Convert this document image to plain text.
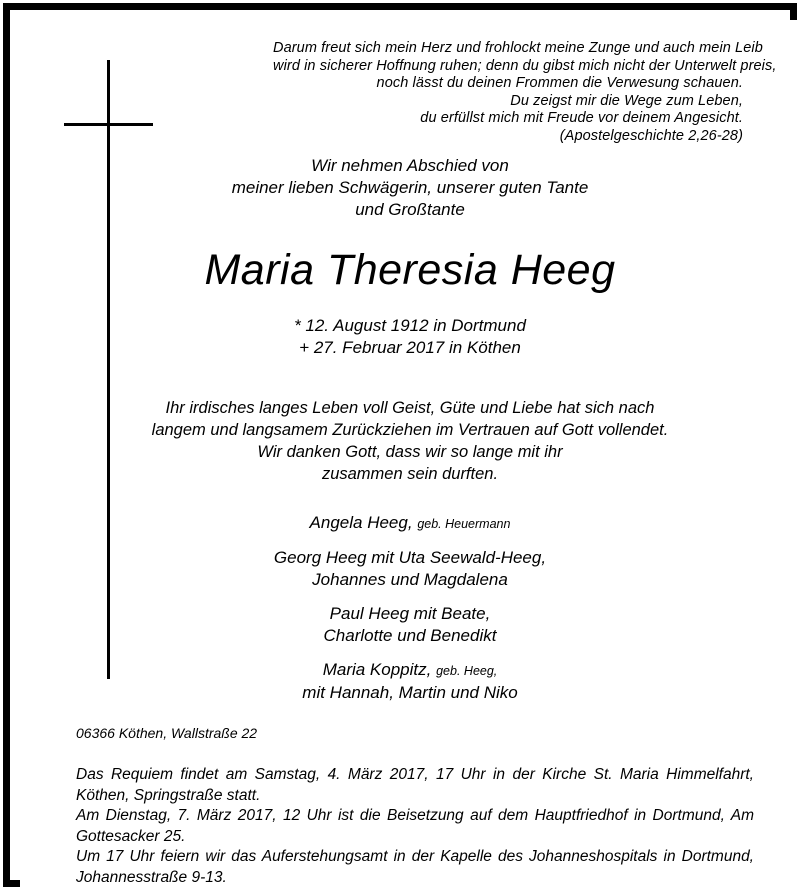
Darum freut sich mein Herz und frohlockt meine Zunge und auch mein Leib
wird in sicherer Hoffnung ruhen; denn du gibst mich nicht der Unterwelt preis,
noch lässt du deinen Frommen die Verwesung schauen.
Du zeigst mir die Wege zum Leben,
du erfüllst mich mit Freude vor deinem Angesicht.
(Apostelgeschichte 2,26-28)
Wir nehmen Abschied von
meiner lieben Schwägerin, unserer guten Tante
und Großtante
Maria Theresia Heeg
* 12. August 1912 in Dortmund
+ 27. Februar 2017 in Köthen
Ihr irdisches langes Leben voll Geist, Güte und Liebe hat sich nach
langem und langsamem Zurückziehen im Vertrauen auf Gott vollendet.
Wir danken Gott, dass wir so lange mit ihr
zusammen sein durften.
Angela Heeg, geb. Heuermann
Georg Heeg mit Uta Seewald-Heeg,
Johannes und Magdalena
Paul Heeg mit Beate,
Charlotte und Benedikt
Maria Koppitz, geb. Heeg,
mit Hannah, Martin und Niko
06366 Köthen, Wallstraße 22

Das Requiem findet am Samstag, 4. März 2017, 17 Uhr in der Kirche St. Maria Himmelfahrt, Köthen, Springstraße statt.

Am Dienstag, 7. März 2017, 12 Uhr ist die Beisetzung auf dem Hauptfriedhof in Dortmund, Am Gottesacker 25.

Um 17 Uhr feiern wir das Auferstehungsamt in der Kapelle des Johanneshospitals in Dortmund, Johannesstraße 9-13.
